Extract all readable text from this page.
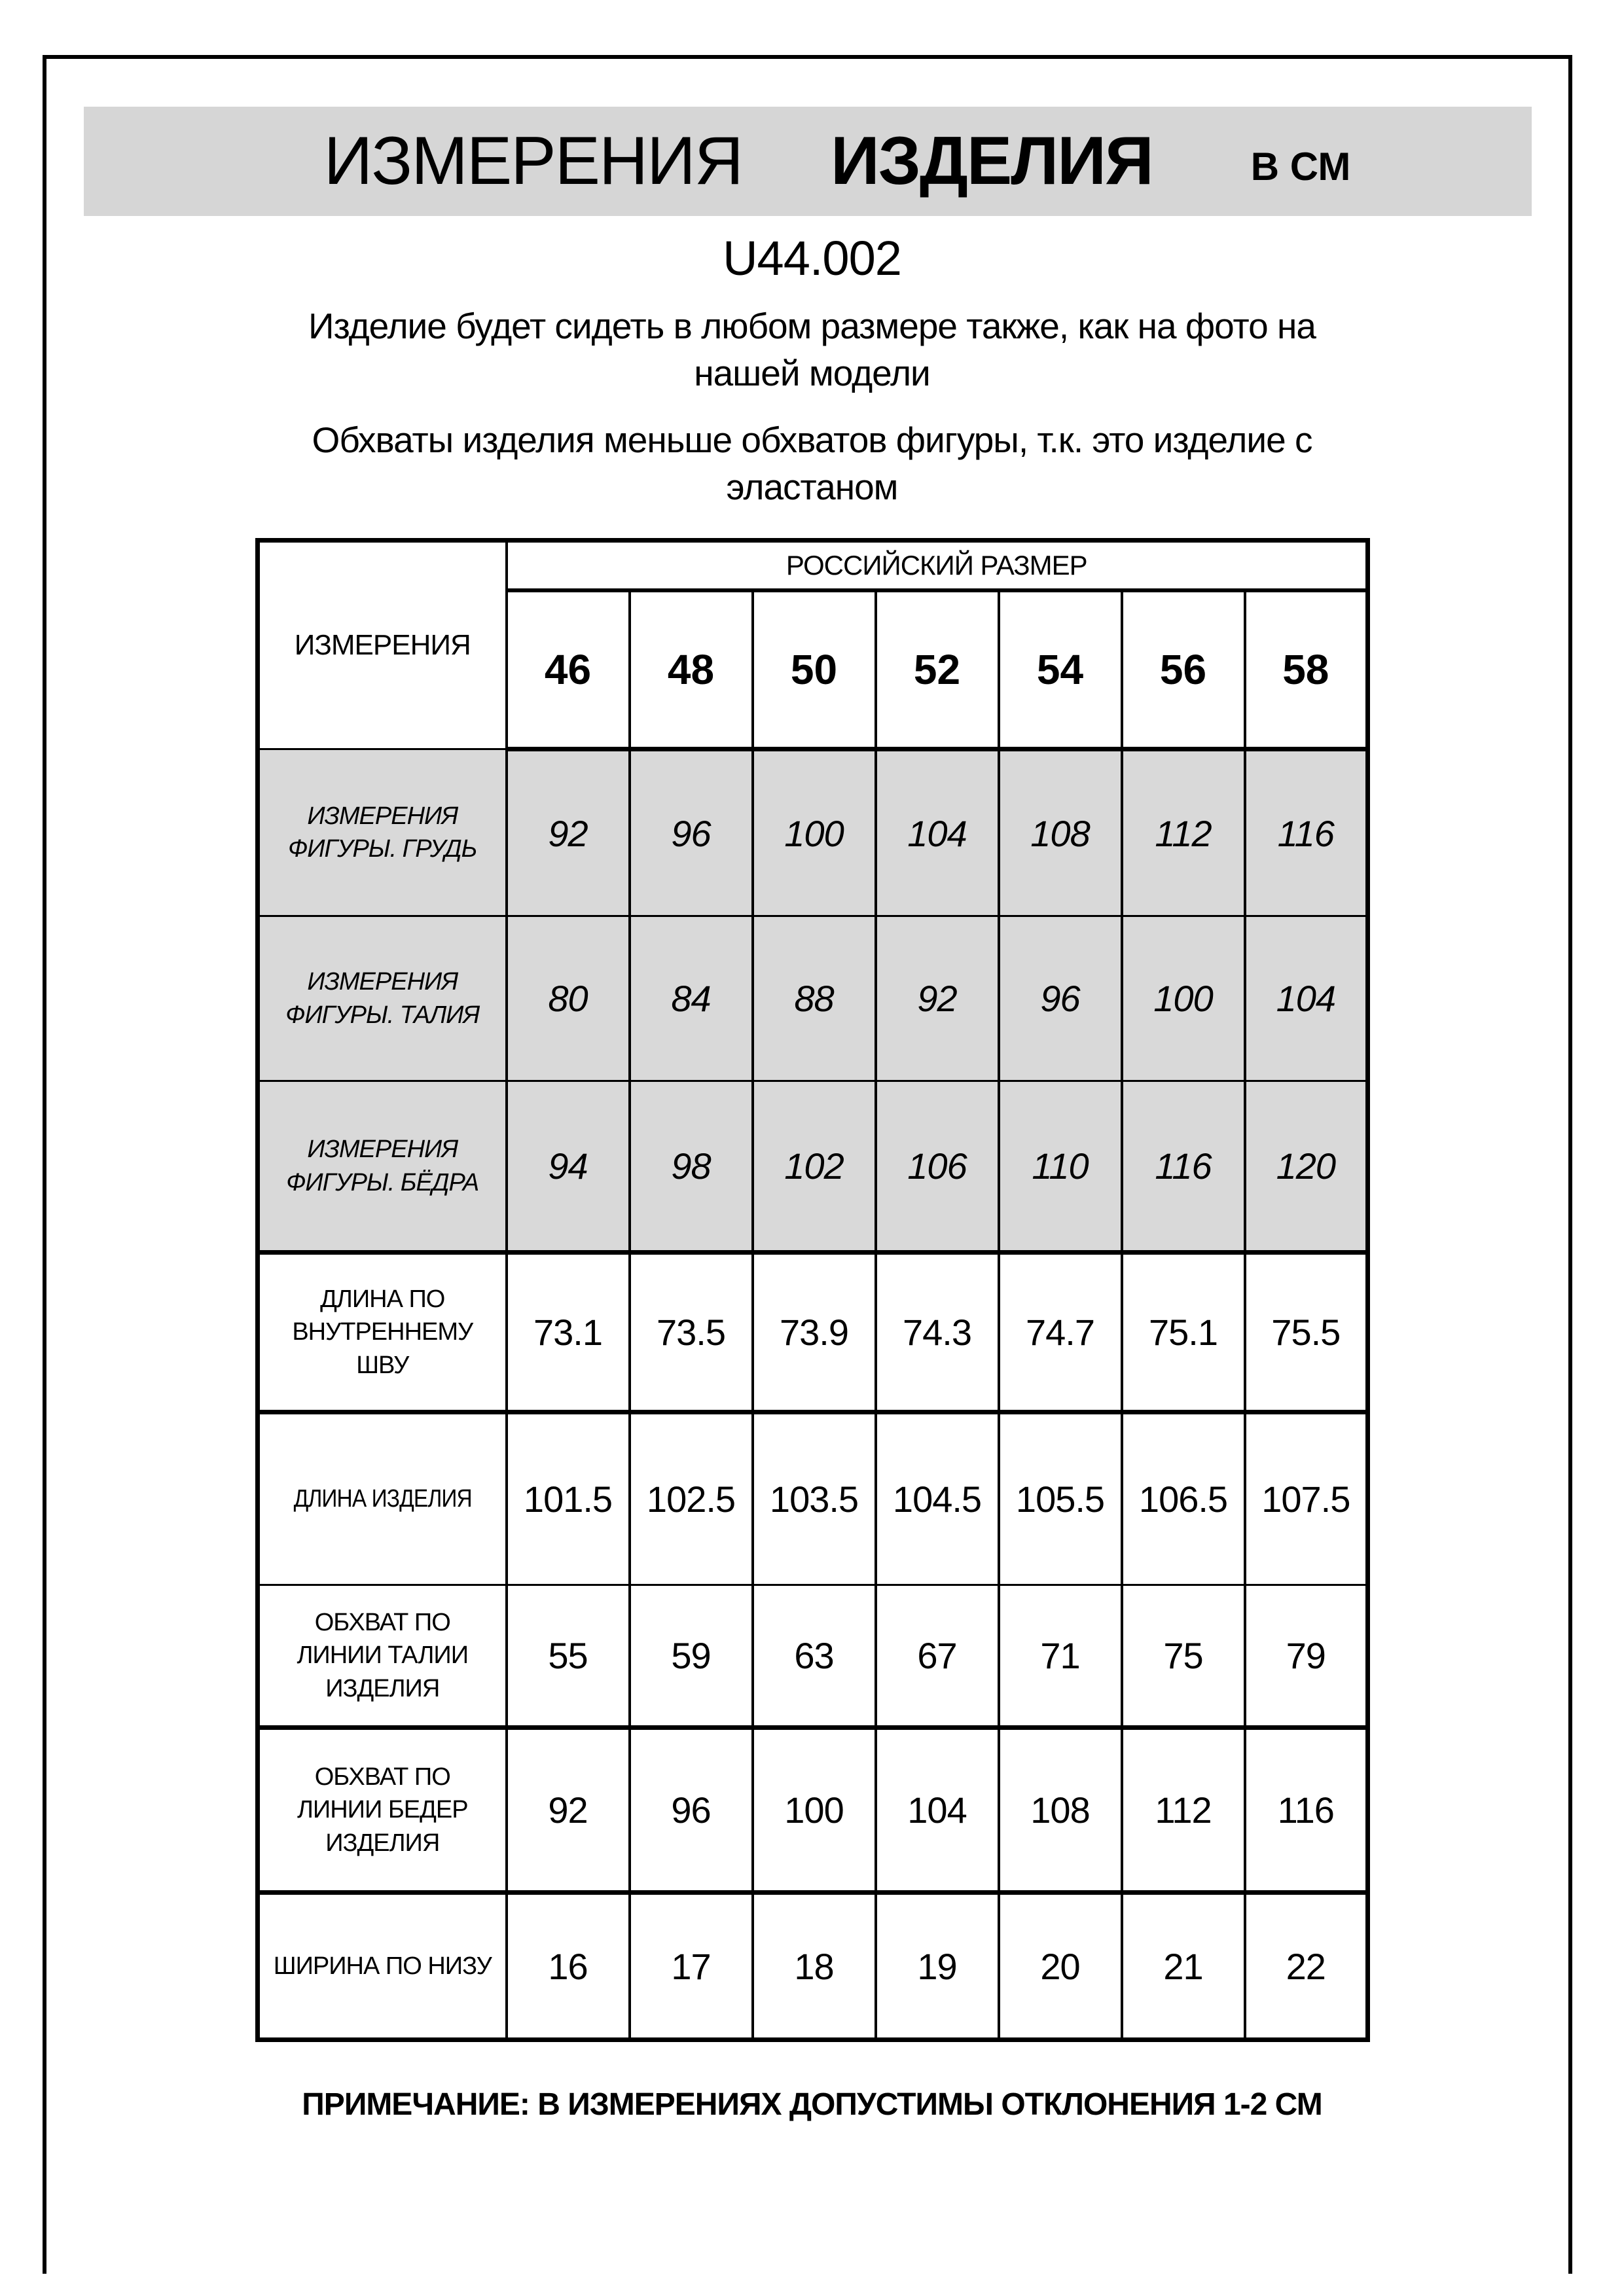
ИЗМЕРЕНИЯ ИЗДЕЛИЯ	В СМ
U44.002

Изделие будет сидеть в любом размере также, как на фото на нашей модели

Обхваты изделия меньше обхватов фигуры, т.к. это изделие с эластаном

ИЗМЕРЕНИЯ	РОССИЙСКИЙ РАЗМЕР						
	46	48	50	52	54	56	58
ИЗМЕРЕНИЯ ФИГУРЫ. ГРУДЬ	92	96	100	104	108	112	116
ИЗМЕРЕНИЯ ФИГУРЫ. ТАЛИЯ	80	84	88	92	96	100	104
ИЗМЕРЕНИЯ ФИГУРЫ. БЁДРА	94	98	102	106	110	116	120
ДЛИНА ПО ВНУТРЕННЕМУ ШВУ	73.1	73.5	73.9	74.3	74.7	75.1	75.5
ДЛИНА ИЗДЕЛИЯ	101.5	102.5	103.5	104.5	105.5	106.5	107.5
ОБХВАТ ПО ЛИНИИ ТАЛИИ ИЗДЕЛИЯ	55	59	63	67	71	75	79
ОБХВАТ ПО ЛИНИИ БЕДЕР ИЗДЕЛИЯ	92	96	100	104	108	112	116
ШИРИНА ПО НИЗУ	16	17	18	19	20	21	22
ПРИМЕЧАНИЕ: В ИЗМЕРЕНИЯХ ДОПУСТИМЫ ОТКЛОНЕНИЯ 1-2 СМ
